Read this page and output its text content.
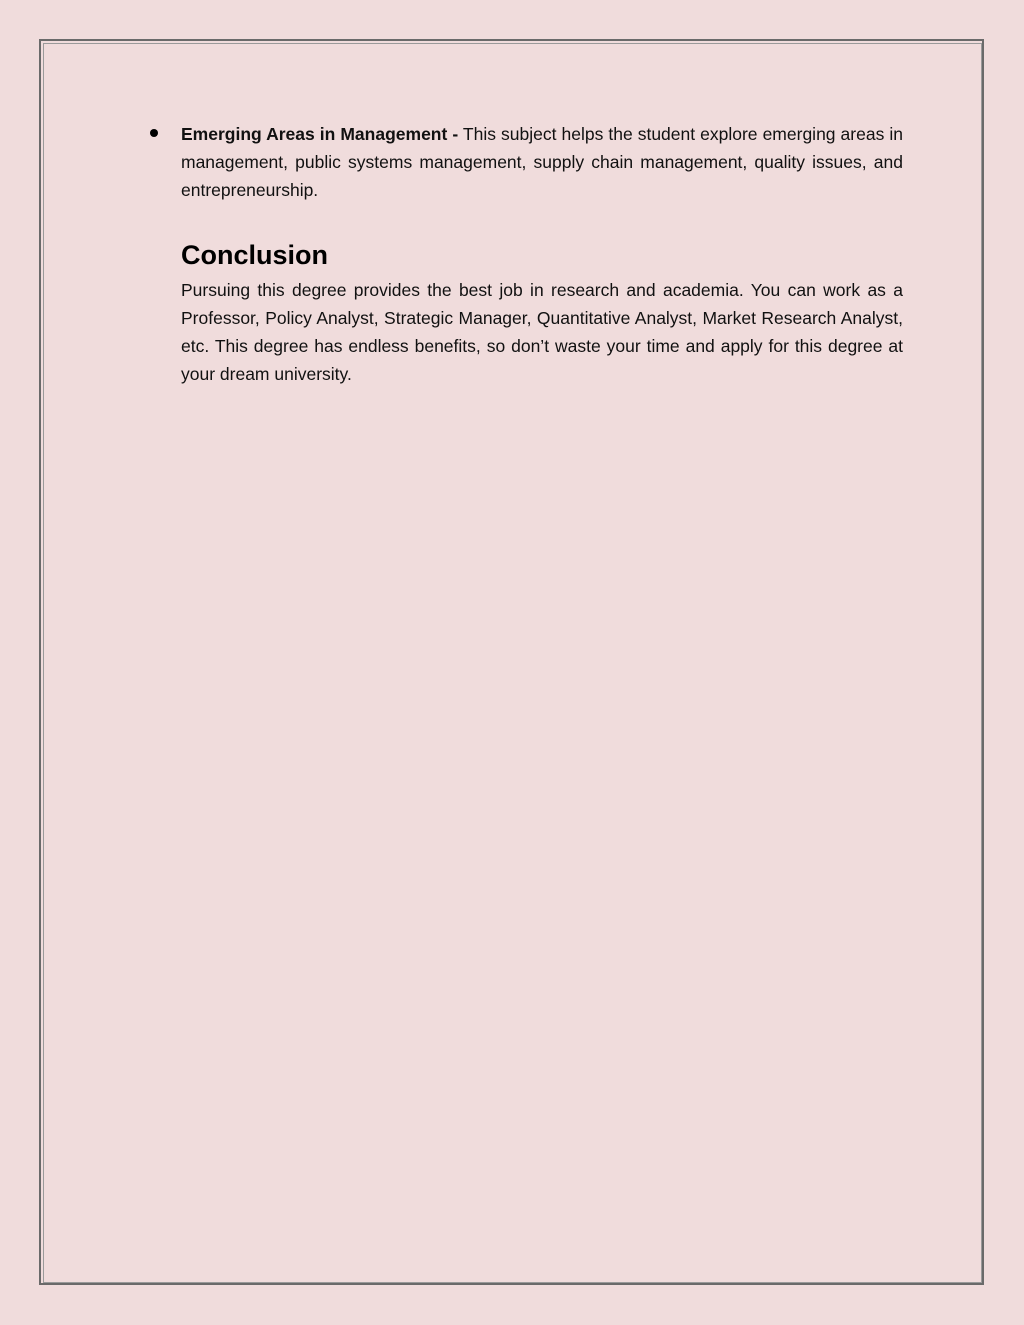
Emerging Areas in Management - This subject helps the student explore emerging areas in management, public systems management, supply chain management, quality issues, and entrepreneurship.
Conclusion
Pursuing this degree provides the best job in research and academia. You can work as a Professor, Policy Analyst, Strategic Manager, Quantitative Analyst, Market Research Analyst, etc. This degree has endless benefits, so don’t waste your time and apply for this degree at your dream university.
